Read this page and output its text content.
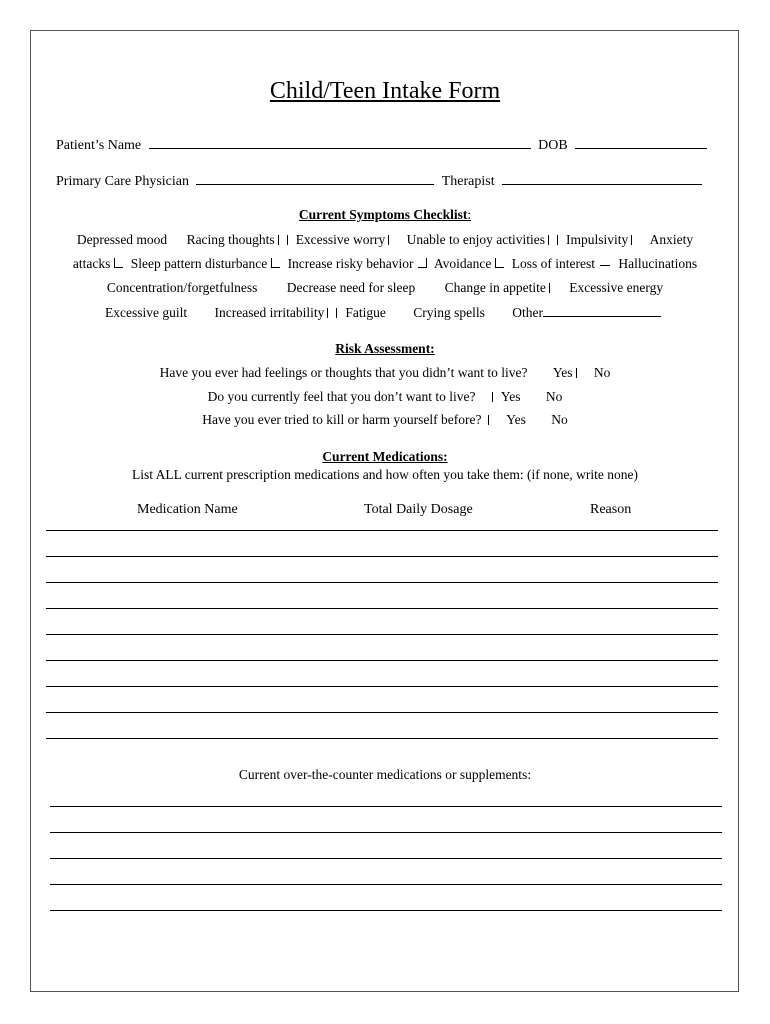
Child/Teen Intake Form
Patient’s Name	DOB
Primary Care Physician	Therapist
Current Symptoms Checklist:
Depressed mood Racing thoughts Excessive worry Unable to enjoy activities Impulsivity Anxiety
attacks Sleep pattern disturbance Increase risky behavior Avoidance Loss of interest Hallucinations
Concentration/forgetfulness Decrease need for sleep Change in appetite Excessive energy
Excessive guilt Increased irritability Fatigue Crying spells Other
Risk Assessment:
Have you ever had feelings or thoughts that you didn’t want to live? Yes No
Do you currently feel that you don’t want to live? Yes No
Have you ever tried to kill or harm yourself before? Yes No
Current Medications:
List ALL current prescription medications and how often you take them: (if none, write none)
Medication Name	Total Daily Dosage	Reason
Current over-the-counter medications or supplements:
